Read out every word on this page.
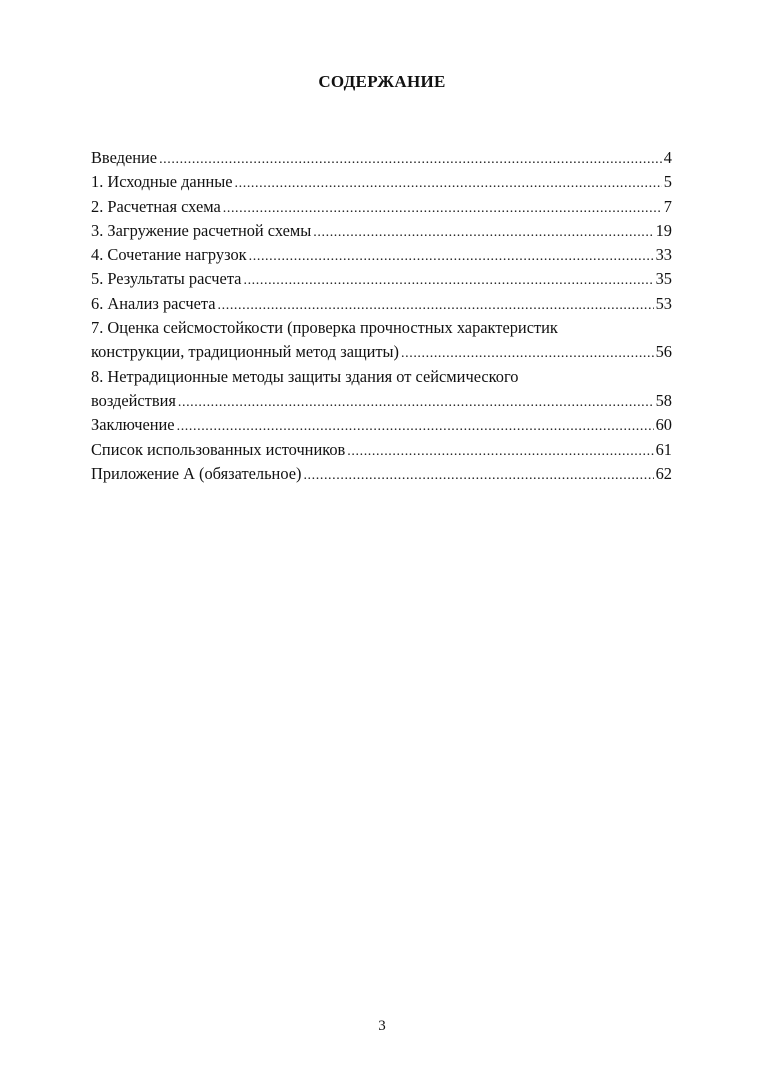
СОДЕРЖАНИЕ
Введение .....	4
1. Исходные данные .....	5
2. Расчетная схема .....	7
3. Загружение расчетной схемы .....	19
4. Сочетание нагрузок .....	33
5. Результаты расчета .....	35
6. Анализ расчета .....	53
7. Оценка сейсмостойкости (проверка прочностных характеристик
конструкции, традиционный метод защиты) .....	56
8. Нетрадиционные методы защиты здания от сейсмического
воздействия .....	58
Заключение .....	60
Список использованных источников .....	61
Приложение А (обязательное) .....	62
3
